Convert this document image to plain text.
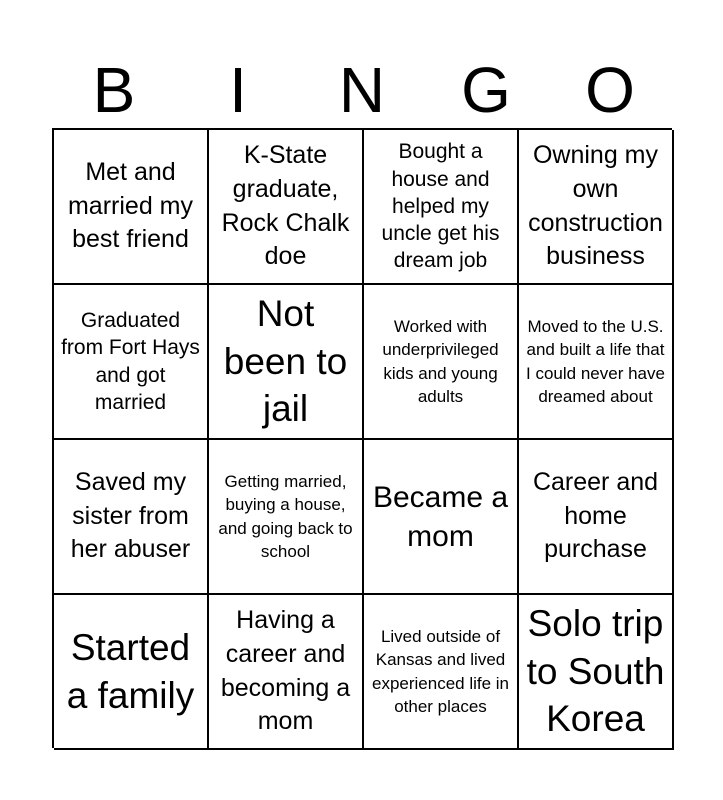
B	I	N	G	O
Met and married my best friend
K-State graduate, Rock Chalk doe
Bought a house and helped my uncle get his dream job
Owning my own construction business
Graduated from Fort Hays and got married
Not been to jail
Worked with underprivileged kids and young adults
Moved to the U.S. and built a life that I could never have dreamed about
Saved my sister from her abuser
Getting married, buying a house, and going back to school
Became a mom
Career and home purchase
Started a family
Having a career and becoming a mom
Lived outside of Kansas and lived experienced life in other places
Solo trip to South Korea
